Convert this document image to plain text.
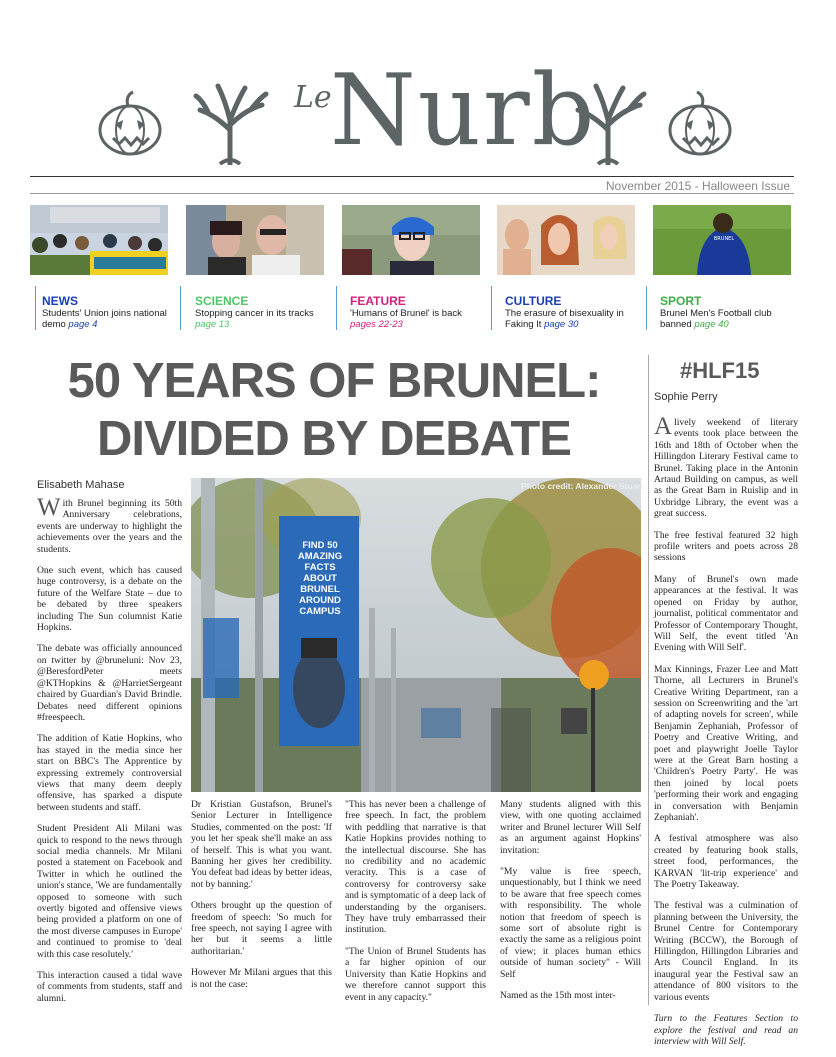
Le
Nurb
November 2015 - Halloween Issue
BRUNEL
NEWS
Students' Union joins national demo page 4
SCIENCE
Stopping cancer in its tracks
page 13
FEATURE
'Humans of Brunel' is back
pages 22-23
CULTURE
The erasure of bisexuality in Faking It page 30
SPORT
Brunel Men's Football club banned page 40
50 YEARS OF BRUNEL:
DIVIDED BY DEBATE
Elisabeth Mahase

With Brunel beginning its 50th Anniversary celebrations, events are underway to highlight the achievements over the years and the students.

One such event, which has caused huge controversy, is a debate on the future of the Welfare State – due to be debated by three speakers including The Sun columnist Katie Hopkins.

The debate was officially announced on twitter by @bruneluni: Nov 23, @BeresfordPeter meets @KTHopkins & @HarrietSergeant chaired by Guardian's David Brindle. Debates need different opinions #freespeech.

The addition of Katie Hopkins, who has stayed in the media since her start on BBC's The Apprentice by expressing extremely controversial views that many deem deeply offensive, has sparked a dispute between students and staff.

Student President Ali Milani was quick to respond to the news through social media channels. Mr Milani posted a statement on Facebook and Twitter in which he outlined the union's stance, 'We are fundamentally opposed to someone with such overtly bigoted and offensive views being provided a platform on one of the most diverse campuses in Europe' and continued to promise to 'deal with this case resolutely.'

This interaction caused a tidal wave of comments from students, staff and alumni.

FIND 50
AMAZING
FACTS
ABOUT
BRUNEL
AROUND
CAMPUS
Photo credit: Alexander Stuart

Dr Kristian Gustafson, Brunel's Senior Lecturer in Intelligence Studies, commented on the post: 'If you let her speak she'll make an ass of herself. This is what you want. Banning her gives her credibility. You defeat bad ideas by better ideas, not by banning.'

Others brought up the question of freedom of speech: 'So much for free speech, not saying I agree with her but it seems a little authoritarian.'

However Mr Milani argues that this is not the case:

"This has never been a challenge of free speech. In fact, the problem with peddling that narrative is that Katie Hopkins provides nothing to the intellectual discourse. She has no credibility and no academic veracity. This is a case of controversy for controversy sake and is symptomatic of a deep lack of understanding by the organisers. They have truly embarrassed their institution.

"The Union of Brunel Students has a far higher opinion of our University than Katie Hopkins and we therefore cannot support this event in any capacity."

Many students aligned with this view, with one quoting acclaimed writer and Brunel lecturer Will Self as an argument against Hopkins' invitation:

"My value is free speech, unquestionably, but I think we need to be aware that free speech comes with responsibility. The whole notion that freedom of speech is some sort of absolute right is exactly the same as a religious point of view; it places human ethics outside of human society" - Will Self

Named as the 15th most inter-

#HLF15
Sophie Perry

Alively weekend of literary events took place between the 16th and 18th of October when the Hillingdon Literary Festival came to Brunel. Taking place in the Antonin Artaud Building on campus, as well as the Great Barn in Ruislip and in Uxbridge Library, the event was a great success.

The free festival featured 32 high profile writers and poets across 28 sessions

Many of Brunel's own made appearances at the festival. It was opened on Friday by author, journalist, political commentator and Professor of Contemporary Thought, Will Self, the event titled 'An Evening with Will Self'.

Max Kinnings, Frazer Lee and Matt Thorne, all Lecturers in Brunel's Creative Writing Department, ran a session on Screenwriting and the 'art of adapting novels for screen', while Benjamin Zephaniah, Professor of Poetry and Creative Writing, and poet and playwright Joelle Taylor were at the Great Barn hosting a 'Children's Poetry Party'. He was then joined by local poets 'performing their work and engaging in conversation with Benjamin Zephaniah'.

A festival atmosphere was also created by featuring book stalls, street food, performances, the KARVAN 'lit-trip experience' and The Poetry Takeaway.

The festival was a culmination of planning between the University, the Brunel Centre for Contemporary Writing (BCCW), the Borough of Hillingdon, Hillingdon Libraries and Arts Council England. In its inaugural year the Festival saw an attendance of 800 visitors to the various events

Turn to the Features Section to explore the festival and read an interview with Will Self.
